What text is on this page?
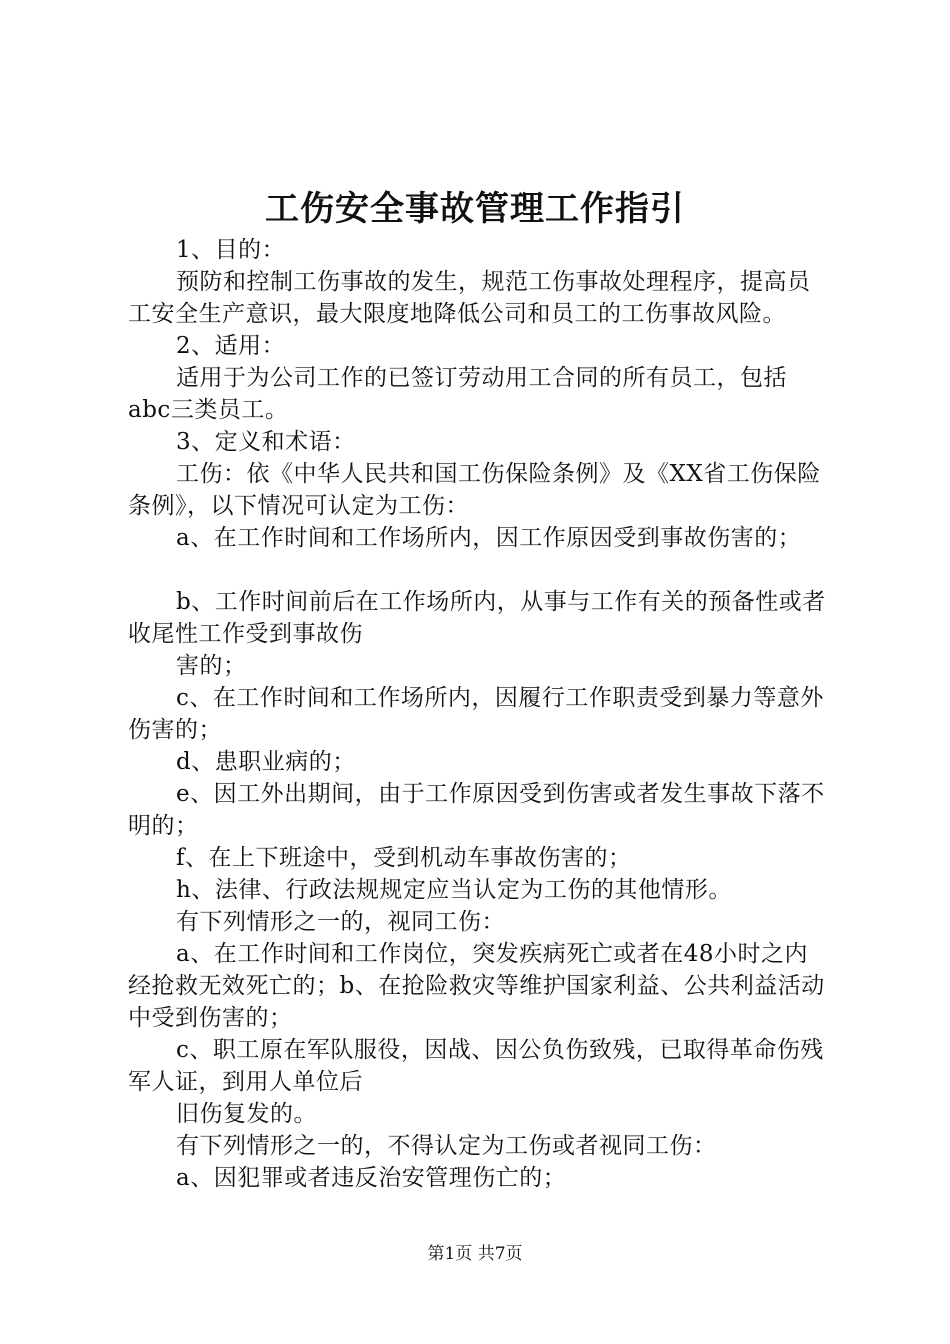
工伤安全事故管理工作指引

1、目的：

预防和控制工伤事故的发生，规范工伤事故处理程序，提高员工安全生产意识，最大限度地降低公司和员工的工伤事故风险。

2、适用：

适用于为公司工作的已签订劳动用工合同的所有员工，包括abc三类员工。

3、定义和术语：

工伤：依《中华人民共和国工伤保险条例》及《XX省工伤保险条例》，以下情况可认定为工伤：

a、在工作时间和工作场所内，因工作原因受到事故伤害的；

b、工作时间前后在工作场所内，从事与工作有关的预备性或者收尾性工作受到事故伤

害的；

c、在工作时间和工作场所内，因履行工作职责受到暴力等意外伤害的；

d、患职业病的；

e、因工外出期间，由于工作原因受到伤害或者发生事故下落不明的；

f、在上下班途中，受到机动车事故伤害的；

h、法律、行政法规规定应当认定为工伤的其他情形。

有下列情形之一的，视同工伤：

a、在工作时间和工作岗位，突发疾病死亡或者在48小时之内经抢救无效死亡的；b、在抢险救灾等维护国家利益、公共利益活动中受到伤害的；

c、职工原在军队服役，因战、因公负伤致残，已取得革命伤残军人证，到用人单位后

旧伤复发的。

有下列情形之一的，不得认定为工伤或者视同工伤：

a、因犯罪或者违反治安管理伤亡的；

第1页 共7页
